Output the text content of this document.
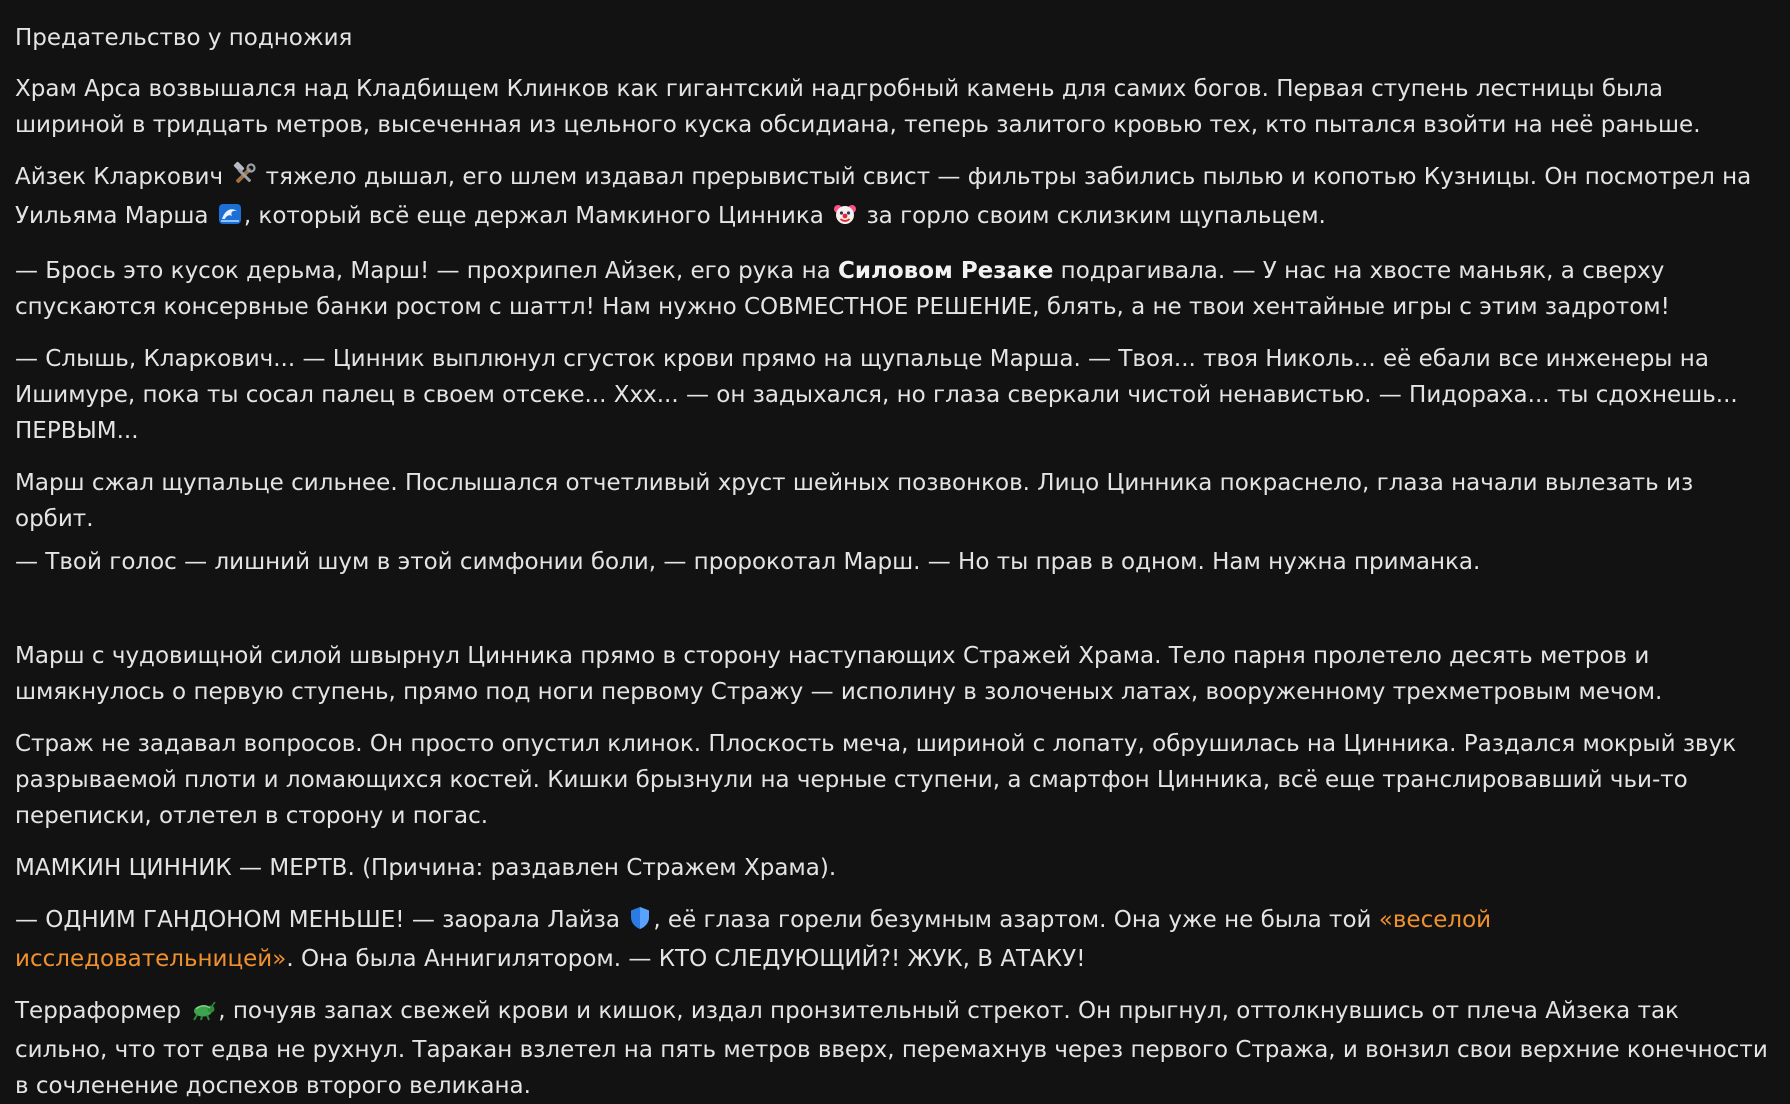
Предательство у подножия

Храм Арса возвышался над Кладбищем Клинков как гигантский надгробный камень для самих богов. Первая ступень лестницы была шириной в тридцать метров, высеченная из цельного куска обсидиана, теперь залитого кровью тех, кто пытался взойти на неё раньше.

Айзек Кларкович  тяжело дышал, его шлем издавал прерывистый свист — фильтры забились пылью и копотью Кузницы. Он посмотрел на Уильяма Марша , который всё еще держал Мамкиного Цинника  за горло своим склизким щупальцем.

— Брось это кусок дерьма, Марш! — прохрипел Айзек, его рука на Силовом Резаке подрагивала. — У нас на хвосте маньяк, а сверху спускаются консервные банки ростом с шаттл! Нам нужно СОВМЕСТНОЕ РЕШЕНИЕ, блять, а не твои хентайные игры с этим задротом!

— Слышь, Кларкович... — Цинник выплюнул сгусток крови прямо на щупальце Марша. — Твоя... твоя Николь... её ебали все инженеры на Ишимуре, пока ты сосал палец в своем отсеке... Ххх... — он задыхался, но глаза сверкали чистой ненавистью. — Пидораха... ты сдохнешь... ПЕРВЫМ...

Марш сжал щупальце сильнее. Послышался отчетливый хруст шейных позвонков. Лицо Цинника покраснело, глаза начали вылезать из орбит.

— Твой голос — лишний шум в этой симфонии боли, — пророкотал Марш. — Но ты прав в одном. Нам нужна приманка.

Марш с чудовищной силой швырнул Цинника прямо в сторону наступающих Стражей Храма. Тело парня пролетело десять метров и шмякнулось о первую ступень, прямо под ноги первому Стражу — исполину в золоченых латах, вооруженному трехметровым мечом.

Страж не задавал вопросов. Он просто опустил клинок. Плоскость меча, шириной с лопату, обрушилась на Цинника. Раздался мокрый звук разрываемой плоти и ломающихся костей. Кишки брызнули на черные ступени, а смартфон Цинника, всё еще транслировавший чьи-то переписки, отлетел в сторону и погас.

МАМКИН ЦИННИК — МЕРТВ. (Причина: раздавлен Стражем Храма).

— ОДНИМ ГАНДОНОМ МЕНЬШЕ! — заорала Лайза , её глаза горели безумным азартом. Она уже не была той «веселой исследовательницей». Она была Аннигилятором. — КТО СЛЕДУЮЩИЙ?! ЖУК, В АТАКУ!

Терраформер , почуяв запах свежей крови и кишок, издал пронзительный стрекот. Он прыгнул, оттолкнувшись от плеча Айзека так сильно, что тот едва не рухнул. Таракан взлетел на пять метров вверх, перемахнув через первого Стража, и вонзил свои верхние конечности в сочленение доспехов второго великана.
